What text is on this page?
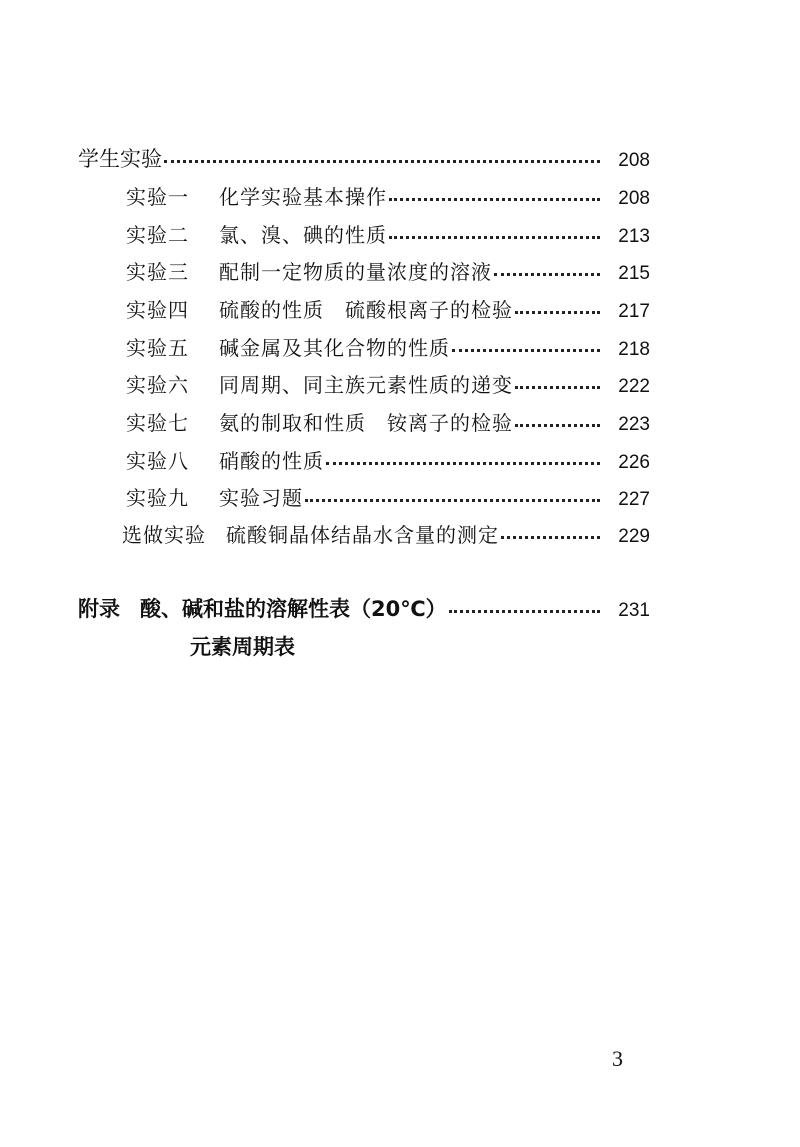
学生实验	208
实验一 化学实验基本操作	208
实验二 氯、溴、碘的性质	213
实验三 配制一定物质的量浓度的溶液	215
实验四 硫酸的性质　硫酸根离子的检验	217
实验五 碱金属及其化合物的性质	218
实验六 同周期、同主族元素性质的递变	222
实验七 氨的制取和性质　铵离子的检验	223
实验八 硝酸的性质	226
实验九 实验习题	227
选做实验 硫酸铜晶体结晶水含量的测定	229
附录 酸、碱和盐的溶解性表（20℃）	231
元素周期表
3
